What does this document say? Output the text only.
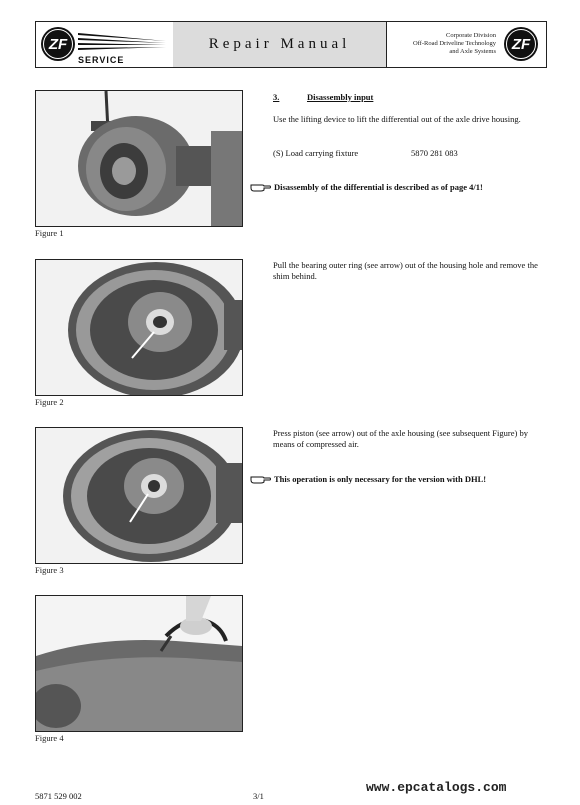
ZF
SERVICE
Repair Manual
Corporate Division
Off-Road Driveline Technology
and Axle Systems ZF
Figure 1
Figure 2
Figure 3
Figure 4
3.	Disassembly input
Use the lifting device to lift the differential out of the axle drive housing.
(S) Load carrying fixture	5870 281 083
Disassembly of the differential is described as of page 4/1!
Pull the bearing outer ring (see arrow) out of the housing hole and remove the shim behind.
Press piston (see arrow) out of the axle housing (see subsequent Figure) by means of compressed air.
This operation is only necessary for the version with DHL!
5871 529 002	3/1
www.epcatalogs.com
